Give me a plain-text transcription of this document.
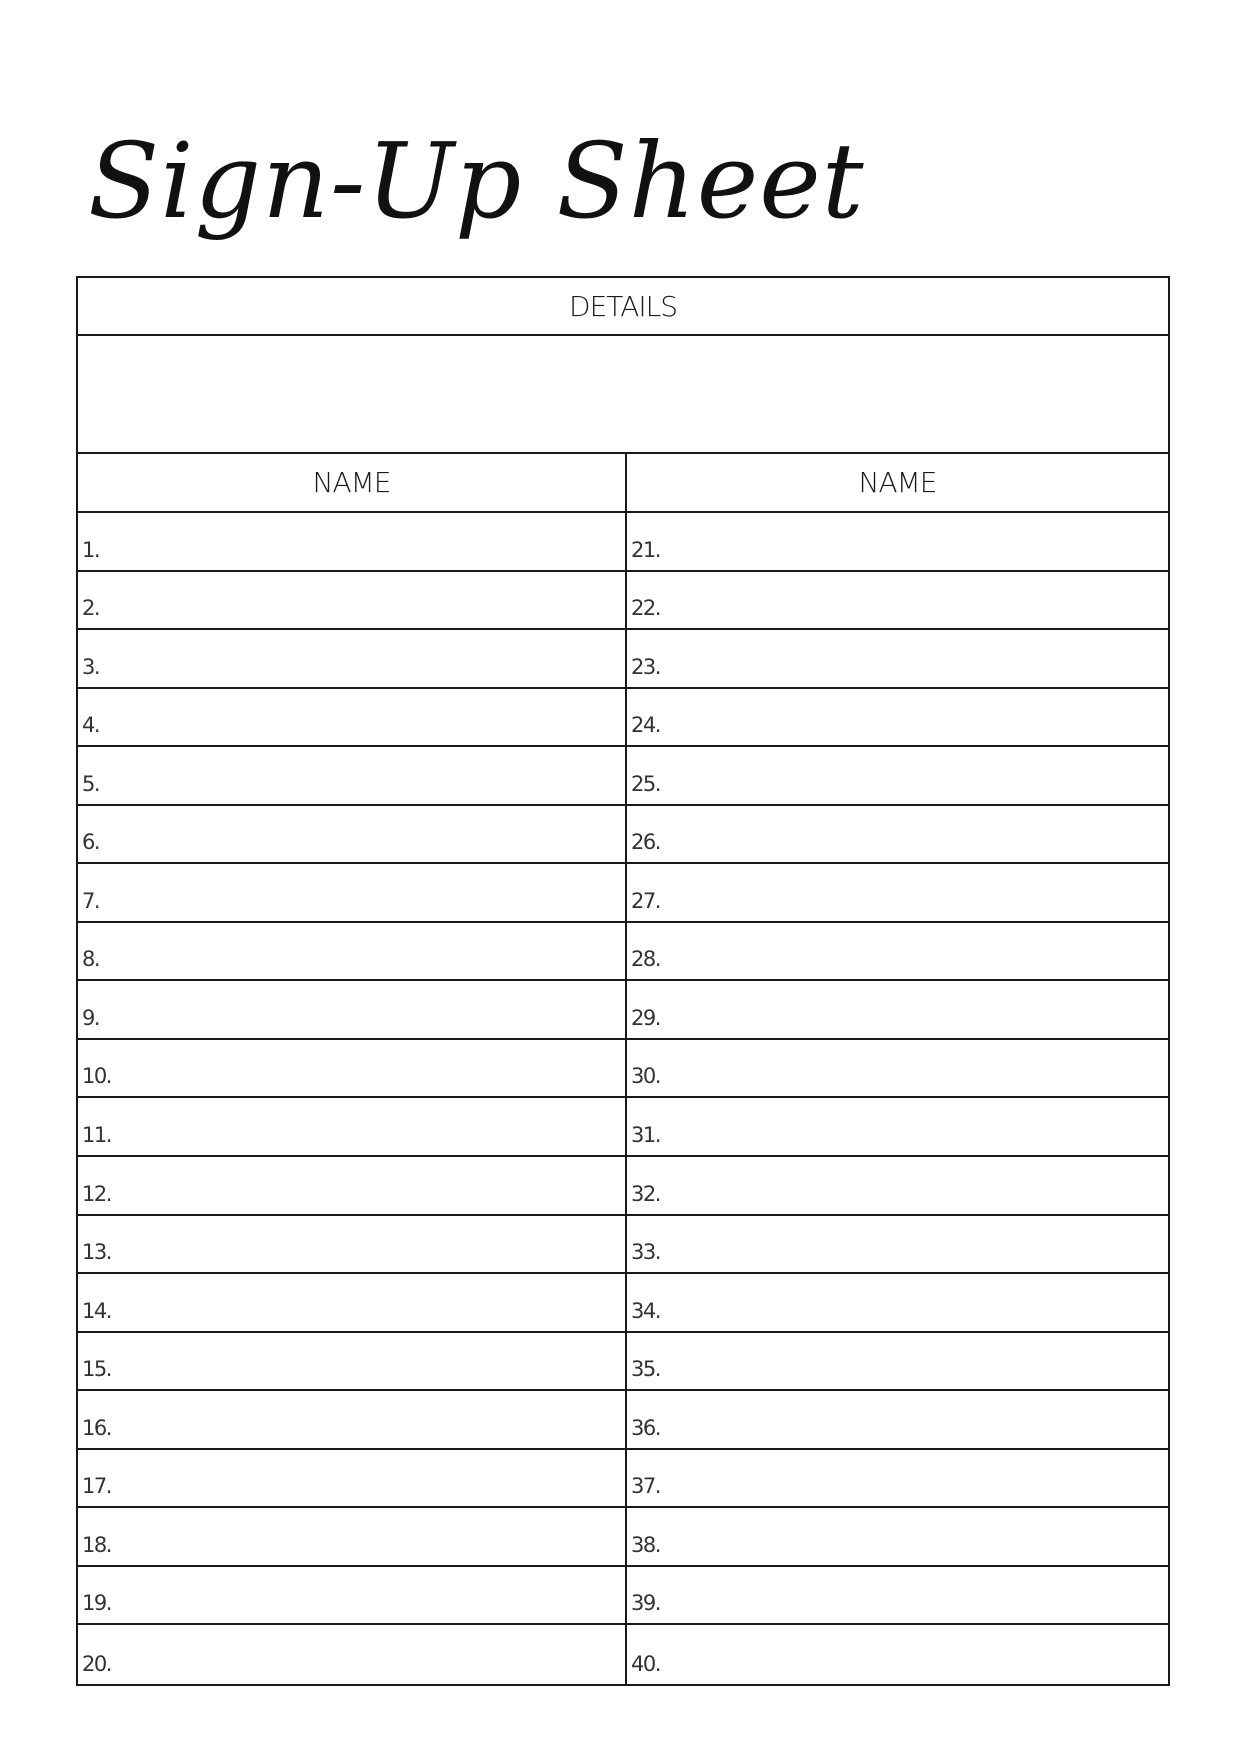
Sign-Up Sheet
DETAILS
NAME	NAME
1.
2.
3.
4.
5.
6.
7.
8.
9.
10.
11.
12.
13.
14.
15.
16.
17.
18.
19.
20.
21.
22.
23.
24.
25.
26.
27.
28.
29.
30.
31.
32.
33.
34.
35.
36.
37.
38.
39.
40.
